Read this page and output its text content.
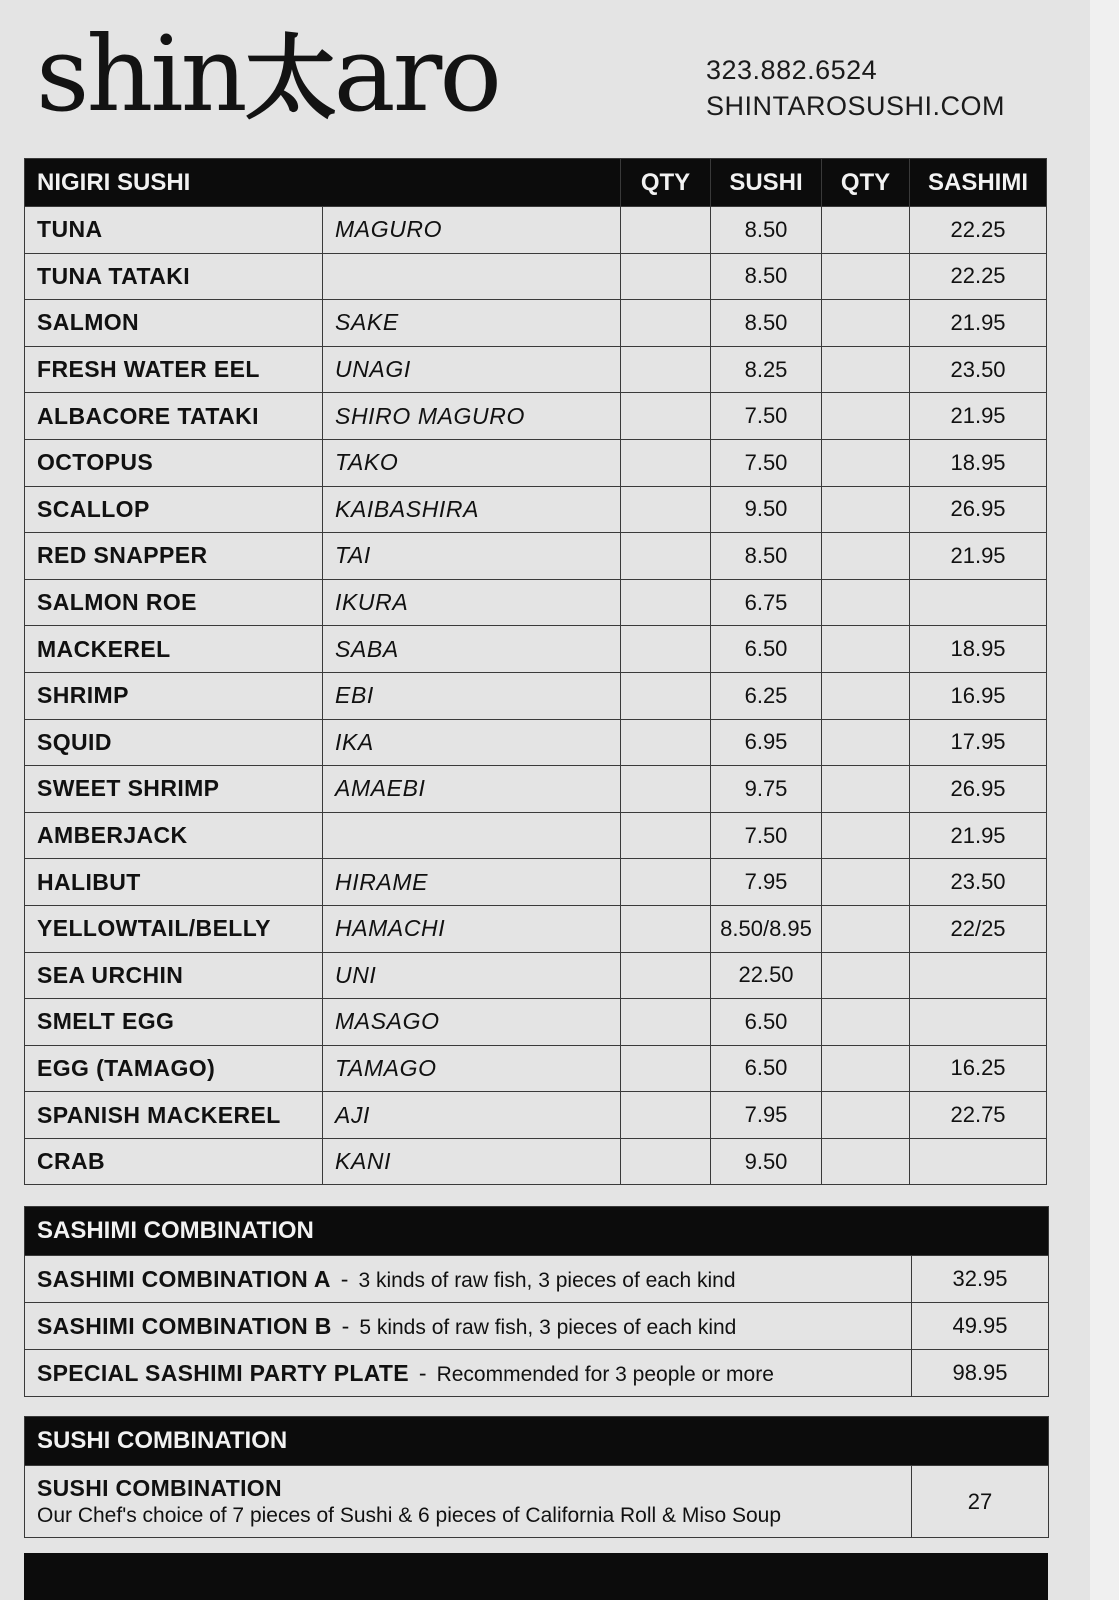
shin太aro	323.882.6524
SHINTAROSUSHI.COM
NIGIRI SUSHI		QTY	SUSHI	QTY	SASHIMI
TUNA	MAGURO		8.50		22.25
TUNA TATAKI			8.50		22.25
SALMON	SAKE		8.50		21.95
FRESH WATER EEL	UNAGI		8.25		23.50
ALBACORE TATAKI	SHIRO MAGURO		7.50		21.95
OCTOPUS	TAKO		7.50		18.95
SCALLOP	KAIBASHIRA		9.50		26.95
RED SNAPPER	TAI		8.50		21.95
SALMON ROE	IKURA		6.75		
MACKEREL	SABA		6.50		18.95
SHRIMP	EBI		6.25		16.95
SQUID	IKA		6.95		17.95
SWEET SHRIMP	AMAEBI		9.75		26.95
AMBERJACK			7.50		21.95
HALIBUT	HIRAME		7.95		23.50
YELLOWTAIL/BELLY	HAMACHI		8.50/8.95		22/25
SEA URCHIN	UNI		22.50		
SMELT EGG	MASAGO		6.50		
EGG (TAMAGO)	TAMAGO		6.50		16.25
SPANISH MACKEREL	AJI		7.95		22.75
CRAB	KANI		9.50		
SASHIMI COMBINATION	
SASHIMI COMBINATION A - 3 kinds of raw fish, 3 pieces of each kind	32.95
SASHIMI COMBINATION B - 5 kinds of raw fish, 3 pieces of each kind	49.95
SPECIAL SASHIMI PARTY PLATE - Recommended for 3 people or more	98.95
SUSHI COMBINATION
SUSHI COMBINATION
Our Chef's choice of 7 pieces of Sushi & 6 pieces of California Roll & Miso Soup
	27
